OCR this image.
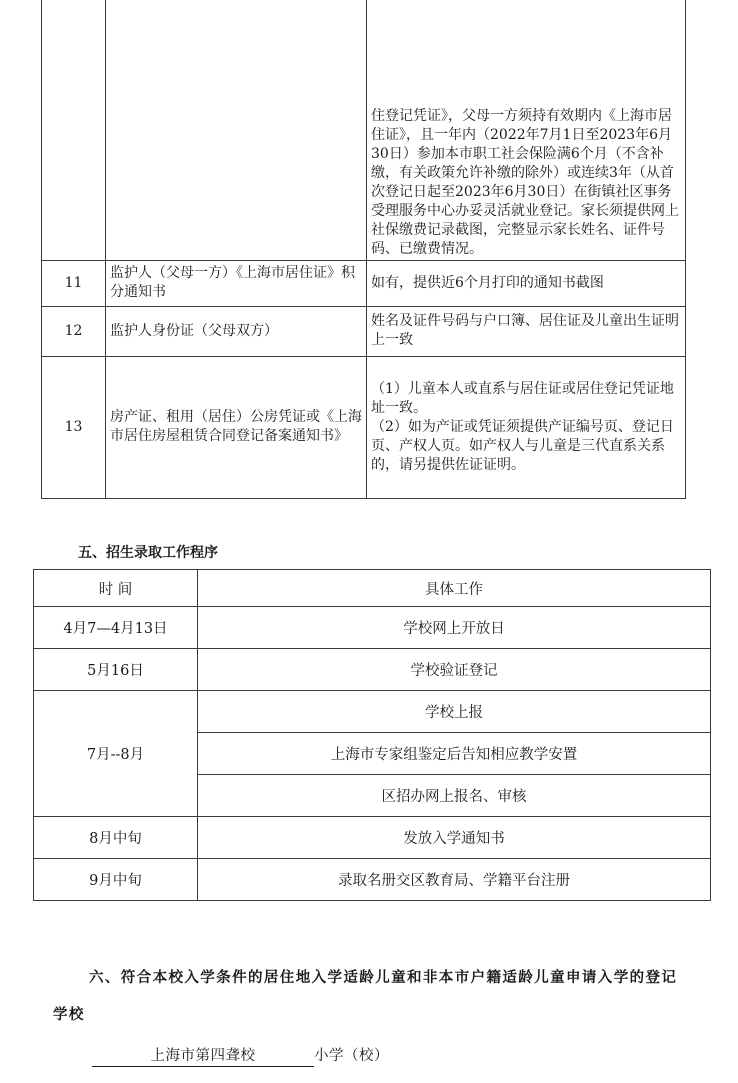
		住登记凭证》，父母一方须持有效期内《上海市居住证》，且一年内（2022年7月1日至2023年6月30日）参加本市职工社会保险满6个月（不含补缴，有关政策允许补缴的除外）或连续3年（从首次登记日起至2023年6月30日）在街镇社区事务受理服务中心办妥灵活就业登记。家长须提供网上社保缴费记录截图，完整显示家长姓名、证件号码、已缴费情况。
11	监护人（父母一方）《上海市居住证》积分通知书	如有，提供近6个月打印的通知书截图
12	监护人身份证（父母双方）	姓名及证件号码与户口簿、居住证及儿童出生证明上一致
13	房产证、租用（居住）公房凭证或《上海市居住房屋租赁合同登记备案通知书》	（1）儿童本人或直系与居住证或居住登记凭证地址一致。
（2）如为产证或凭证须提供产证编号页、登记日页、产权人页。如产权人与儿童是三代直系关系的，请另提供佐证证明。
五、招生录取工作程序
时 间	具体工作
4月7—4月13日	学校网上开放日
5月16日	学校验证登记
7月--8月	学校上报
	上海市专家组鉴定后告知相应教学安置
	区招办网上报名、审核
8月中旬	发放入学通知书
9月中旬	录取名册交区教育局、学籍平台注册
六、符合本校入学条件的居住地入学适龄儿童和非本市户籍适龄儿童申请入学的登记学校
上海市第四聋校	小学（校）
